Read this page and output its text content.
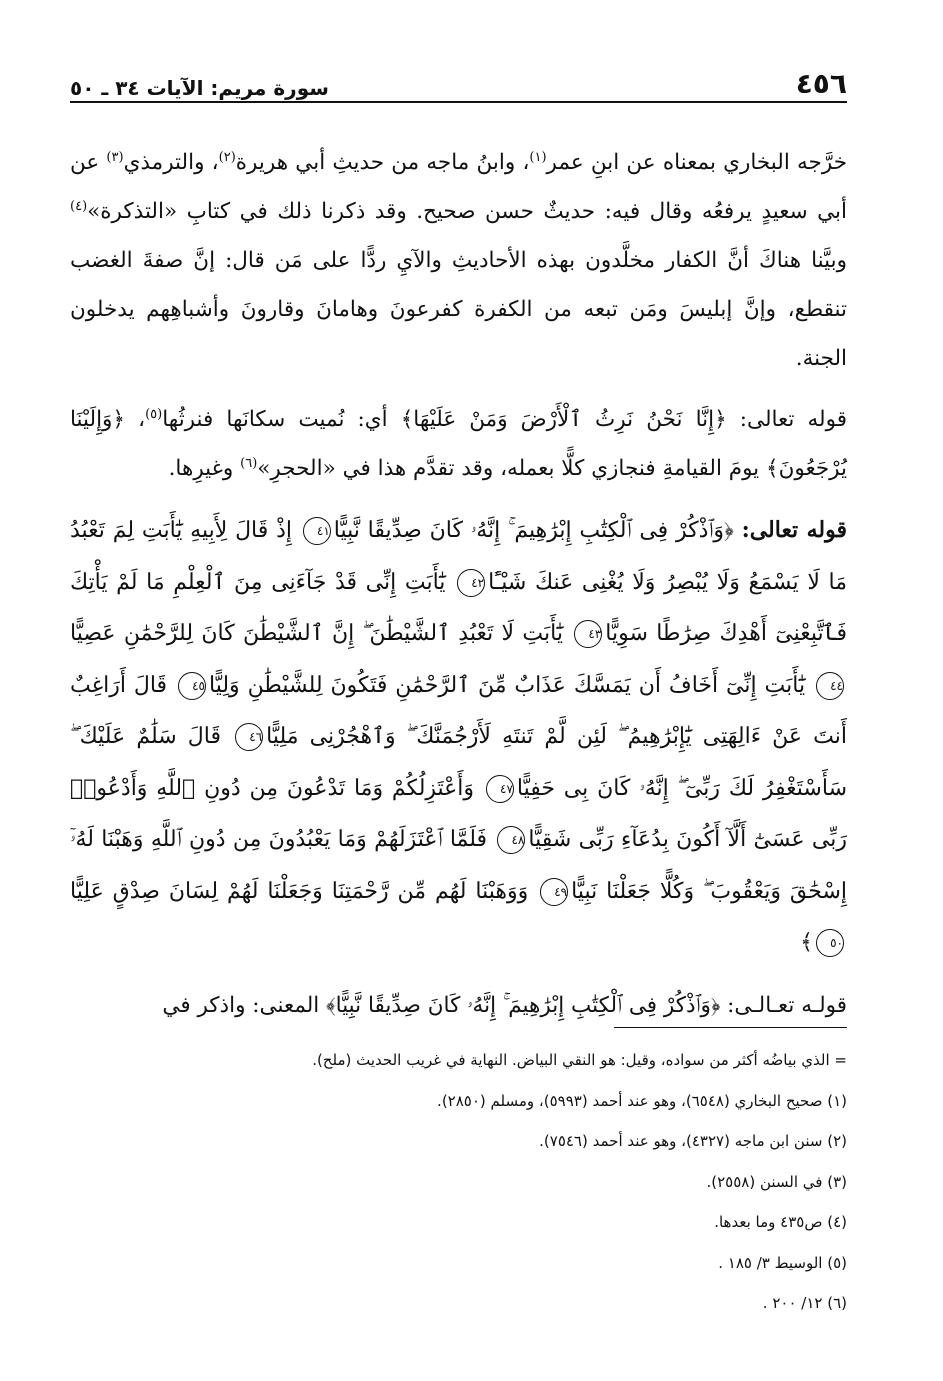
٤٥٦
سورة مريم: الآيات ٣٤ ـ ٥٠

خرَّجه البخاري بمعناه عن ابنِ عمر$^{(١)}$، وابنُ ماجه من حديثِ أبي هريرة$^{(٢)}$، والترمذي$^{(٣)}$ عن أبي سعيدٍ يرفعُه وقال فيه: حديثٌ حسن صحيح. وقد ذكرنا ذلك في كتابِ «التذكرة»$^{(٤)}$ وبيَّنا هناكَ أنَّ الكفار مخلَّدون بهذه الأحاديثِ والآيِ ردًّا على مَن قال: إنَّ صفةَ الغضب تنقطع، وإنَّ إبليسَ ومَن تبعه من الكفرة كفرعونَ وهامانَ وقارونَ وأشباهِهم يدخلون الجنة.

قوله تعالى: ﴿إِنَّا نَحْنُ نَرِثُ ٱلْأَرْضَ وَمَنْ عَلَيْهَا﴾ أي: نُميت سكانَها فنرثُها$^{(٥)}$، ﴿وَإِلَيْنَا يُرْجَعُونَ﴾ يومَ القيامةِ فنجازي كلًّا بعمله، وقد تقدَّم هذا في «الحجرِ»$^{(٦)}$ وغيرِها.

قوله تعالى: ﴿وَٱذْكُرْ فِى ٱلْكِتَٰبِ إِبْرَٰهِيمَ ۚ إِنَّهُۥ كَانَ صِدِّيقًا نَّبِيًّا٤١ إِذْ قَالَ لِأَبِيهِ يَٰٓأَبَتِ لِمَ تَعْبُدُ مَا لَا يَسْمَعُ وَلَا يُبْصِرُ وَلَا يُغْنِى عَنكَ شَيْـًٔا٤٢ يَٰٓأَبَتِ إِنِّى قَدْ جَآءَنِى مِنَ ٱلْعِلْمِ مَا لَمْ يَأْتِكَ فَٱتَّبِعْنِىٓ أَهْدِكَ صِرَٰطًا سَوِيًّا٤٣ يَٰٓأَبَتِ لَا تَعْبُدِ ٱلشَّيْطَٰنَ ۖ إِنَّ ٱلشَّيْطَٰنَ كَانَ لِلرَّحْمَٰنِ عَصِيًّا٤٤ يَٰٓأَبَتِ إِنِّىٓ أَخَافُ أَن يَمَسَّكَ عَذَابٌ مِّنَ ٱلرَّحْمَٰنِ فَتَكُونَ لِلشَّيْطَٰنِ وَلِيًّا٤٥ قَالَ أَرَاغِبٌ أَنتَ عَنْ ءَالِهَتِى يَٰٓإِبْرَٰهِيمُ ۖ لَئِن لَّمْ تَنتَهِ لَأَرْجُمَنَّكَ ۖ وَٱهْجُرْنِى مَلِيًّا٤٦ قَالَ سَلَٰمٌ عَلَيْكَ ۖ سَأَسْتَغْفِرُ لَكَ رَبِّىٓ ۖ إِنَّهُۥ كَانَ بِى حَفِيًّا٤٧ وَأَعْتَزِلُكُمْ وَمَا تَدْعُونَ مِن دُونِ ٱللَّهِ وَأَدْعُوا۟ رَبِّى عَسَىٰٓ أَلَّآ أَكُونَ بِدُعَآءِ رَبِّى شَقِيًّا٤٨ فَلَمَّا ٱعْتَزَلَهُمْ وَمَا يَعْبُدُونَ مِن دُونِ ٱللَّهِ وَهَبْنَا لَهُۥٓ إِسْحَٰقَ وَيَعْقُوبَ ۖ وَكُلًّا جَعَلْنَا نَبِيًّا٤٩ وَوَهَبْنَا لَهُم مِّن رَّحْمَتِنَا وَجَعَلْنَا لَهُمْ لِسَانَ صِدْقٍ عَلِيًّا٥٠﴾

قولـه تعـالـى: ﴿وَٱذْكُرْ فِى ٱلْكِتَٰبِ إِبْرَٰهِيمَ ۚ إِنَّهُۥ كَانَ صِدِّيقًا نَّبِيًّا﴾ المعنى: واذكر في

= الذي بياضُه أكثر من سواده، وقيل: هو النقي البياض. النهاية في غريب الحديث (ملح).

(١) صحيح البخاري (٦٥٤٨)، وهو عند أحمد (٥٩٩٣)، ومسلم (٢٨٥٠).

(٢) سنن ابن ماجه (٤٣٢٧)، وهو عند أحمد (٧٥٤٦).

(٣) في السنن (٢٥٥٨).

(٤) ص٤٣٥ وما بعدها.

(٥) الوسيط ٣/ ١٨٥ .

(٦) ١٢/ ٢٠٠ .
